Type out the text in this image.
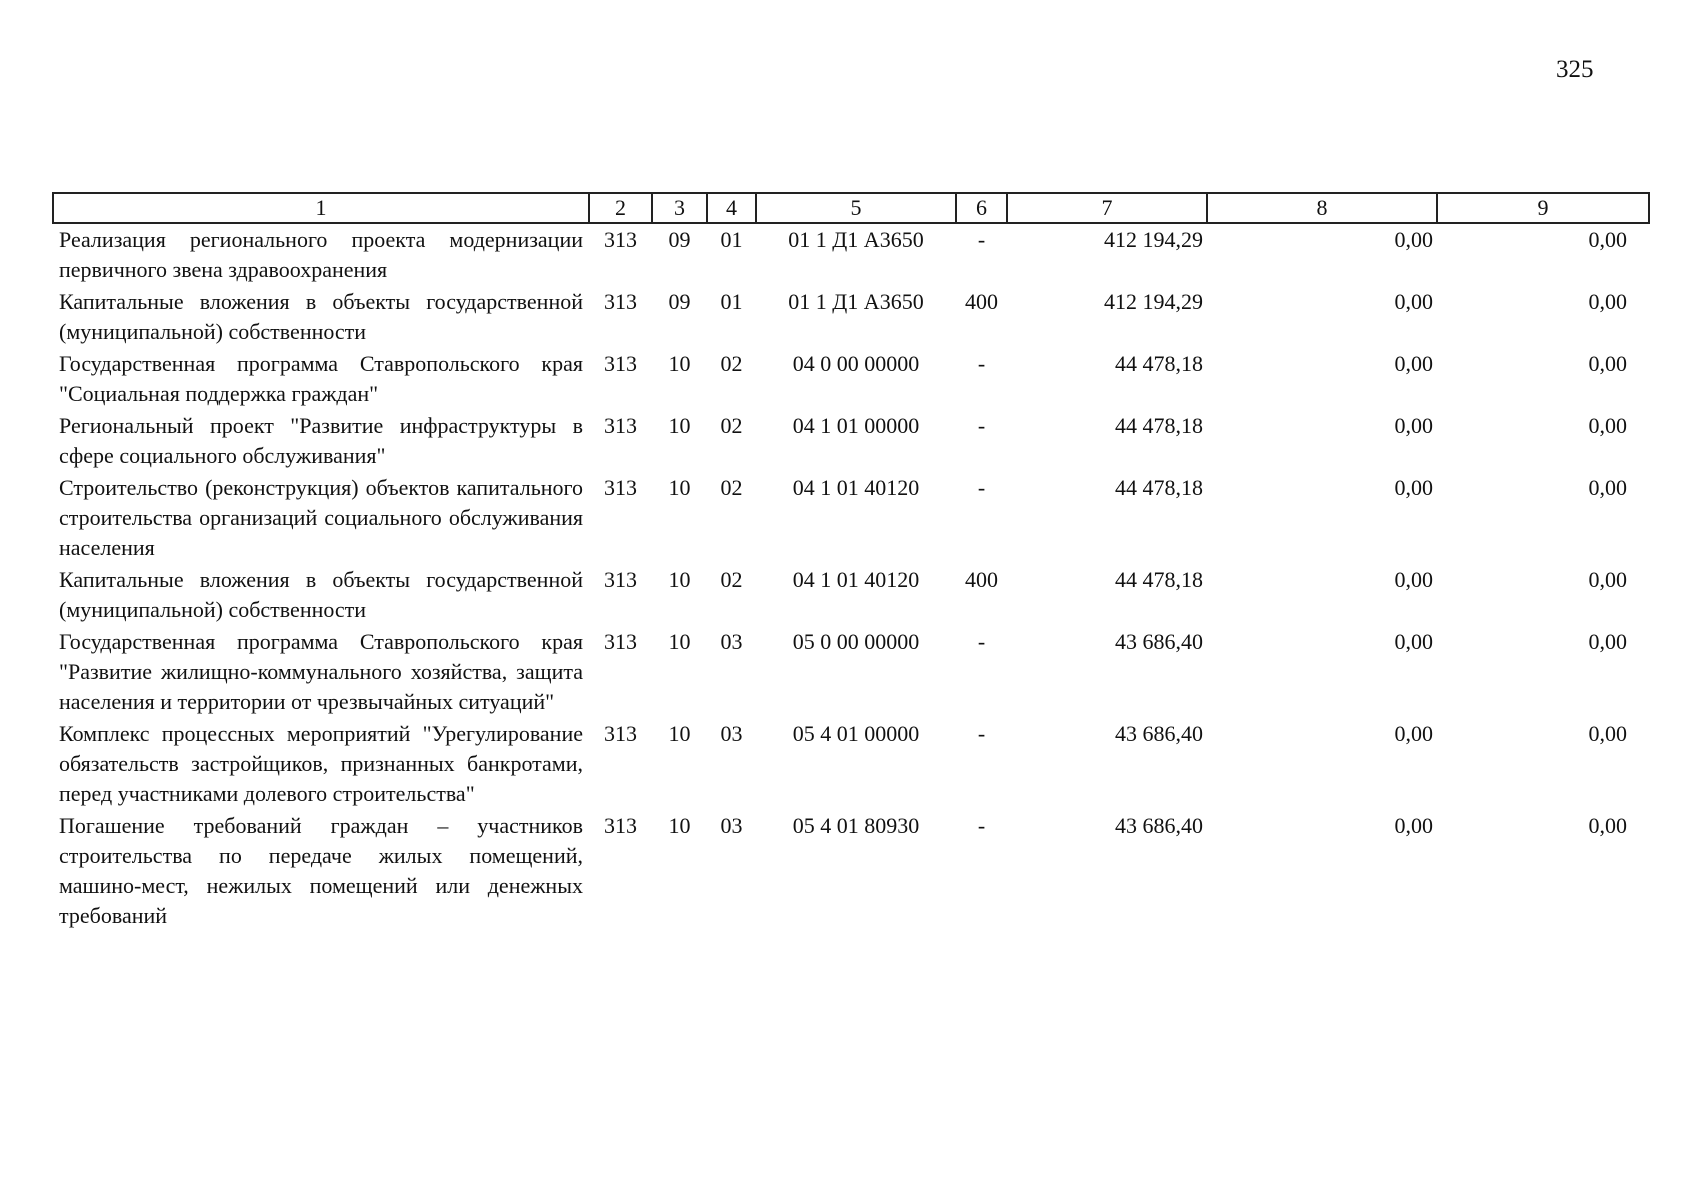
325
1	2	3	4	5	6	7	8	9
Реализация регионального проекта модернизации первичного звена здравоохранения	313	09	01	01 1 Д1 А3650	-	412 194,29	0,00	0,00
Капитальные вложения в объекты государственной (муниципальной) собственности	313	09	01	01 1 Д1 А3650	400	412 194,29	0,00	0,00
Государственная программа Ставропольского края "Социальная поддержка граждан"	313	10	02	04 0 00 00000	-	44 478,18	0,00	0,00
Региональный проект "Развитие инфраструктуры в сфере социального обслуживания"	313	10	02	04 1 01 00000	-	44 478,18	0,00	0,00
Строительство (реконструкция) объектов капитального строительства организаций социального обслуживания населения	313	10	02	04 1 01 40120	-	44 478,18	0,00	0,00
Капитальные вложения в объекты государственной (муниципальной) собственности	313	10	02	04 1 01 40120	400	44 478,18	0,00	0,00
Государственная программа Ставропольского края "Развитие жилищно-коммунального хозяйства, защита населения и территории от чрезвычайных ситуаций"	313	10	03	05 0 00 00000	-	43 686,40	0,00	0,00
Комплекс процессных мероприятий "Урегулирование обязательств застройщиков, признанных банкротами, перед участниками долевого строительства"	313	10	03	05 4 01 00000	-	43 686,40	0,00	0,00
Погашение требований граждан – участников строительства по передаче жилых помещений, машино-мест, нежилых помещений или денежных требований	313	10	03	05 4 01 80930	-	43 686,40	0,00	0,00
